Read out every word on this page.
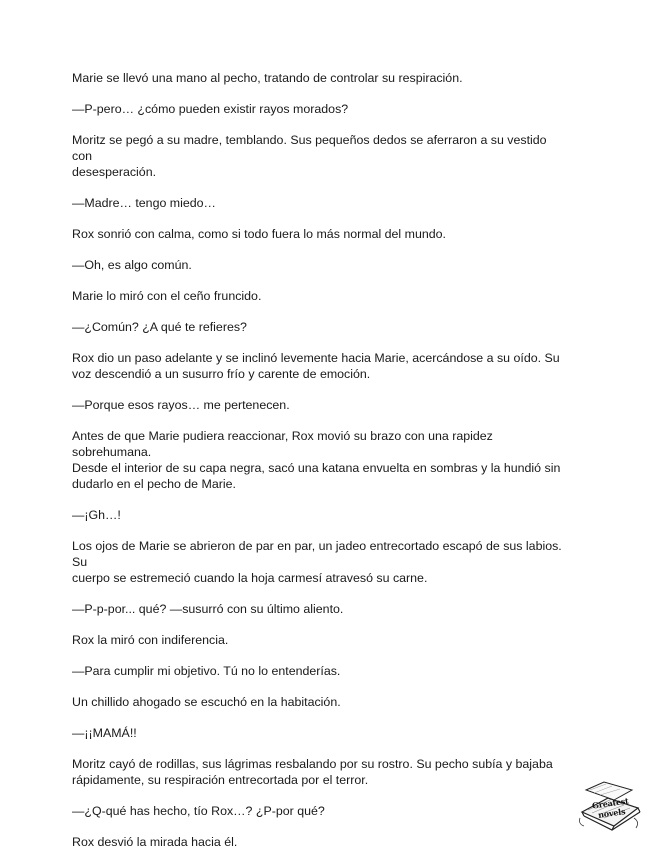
Marie se llevó una mano al pecho, tratando de controlar su respiración.

—P-pero… ¿cómo pueden existir rayos morados?

Moritz se pegó a su madre, temblando. Sus pequeños dedos se aferraron a su vestido con
desesperación.

—Madre… tengo miedo…

Rox sonrió con calma, como si todo fuera lo más normal del mundo.

—Oh, es algo común.

Marie lo miró con el ceño fruncido.

—¿Común? ¿A qué te refieres?

Rox dio un paso adelante y se inclinó levemente hacia Marie, acercándose a su oído. Su
voz descendió a un susurro frío y carente de emoción.

—Porque esos rayos… me pertenecen.

Antes de que Marie pudiera reaccionar, Rox movió su brazo con una rapidez sobrehumana.
Desde el interior de su capa negra, sacó una katana envuelta en sombras y la hundió sin
dudarlo en el pecho de Marie.

—¡Gh…!

Los ojos de Marie se abrieron de par en par, un jadeo entrecortado escapó de sus labios. Su
cuerpo se estremeció cuando la hoja carmesí atravesó su carne.

—P-p-por... qué? —susurró con su último aliento.

Rox la miró con indiferencia.

—Para cumplir mi objetivo. Tú no lo entenderías.

Un chillido ahogado se escuchó en la habitación.

—¡¡MAMÁ!!

Moritz cayó de rodillas, sus lágrimas resbalando por su rostro. Su pecho subía y bajaba
rápidamente, su respiración entrecortada por el terror.

—¿Q-qué has hecho, tío Rox…? ¿P-por qué?

Rox desvió la mirada hacia él.

Greatest novels
